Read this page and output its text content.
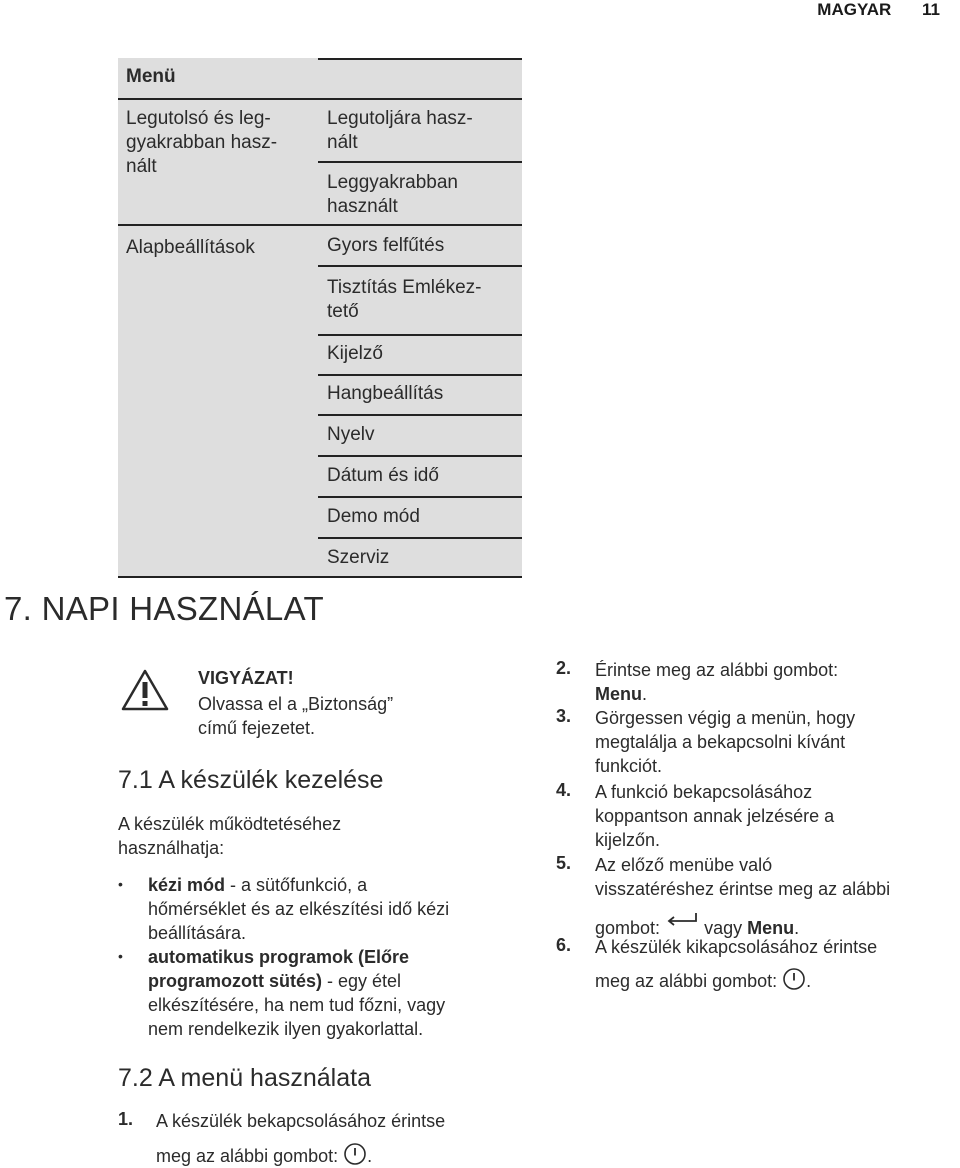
MAGYAR 11
Menü
Legutolsó és leg-
gyakrabban hasz-
nált
Alapbeállítások
Legutoljára hasz-
nált
Leggyakrabban
használt
Gyors felfűtés
Tisztítás Emlékez-
tető
Kijelző
Hangbeállítás
Nyelv
Dátum és idő
Demo mód
Szerviz
7. NAPI HASZNÁLAT
VIGYÁZAT!
Olvassa el a „Biztonság”
című fejezetet.
7.1 A készülék kezelése
A készülék működtetéséhez
használhatja:
• kézi mód - a sütőfunkció, a
hőmérséklet és az elkészítési idő kézi
beállítására.
• automatikus programok (Előre
programozott sütés) - egy étel
elkészítésére, ha nem tud főzni, vagy
nem rendelkezik ilyen gyakorlattal.
7.2 A menü használata
1. A készülék bekapcsolásához érintse
meg az alábbi gombot: .
2. Érintse meg az alábbi gombot:
Menu.
3. Görgessen végig a menün, hogy
megtalálja a bekapcsolni kívánt
funkciót.
4. A funkció bekapcsolásához
koppantson annak jelzésére a
kijelzőn.
5. Az előző menübe való
visszatéréshez érintse meg az alábbi
gombot: vagy Menu.
6. A készülék kikapcsolásához érintse
meg az alábbi gombot: .
